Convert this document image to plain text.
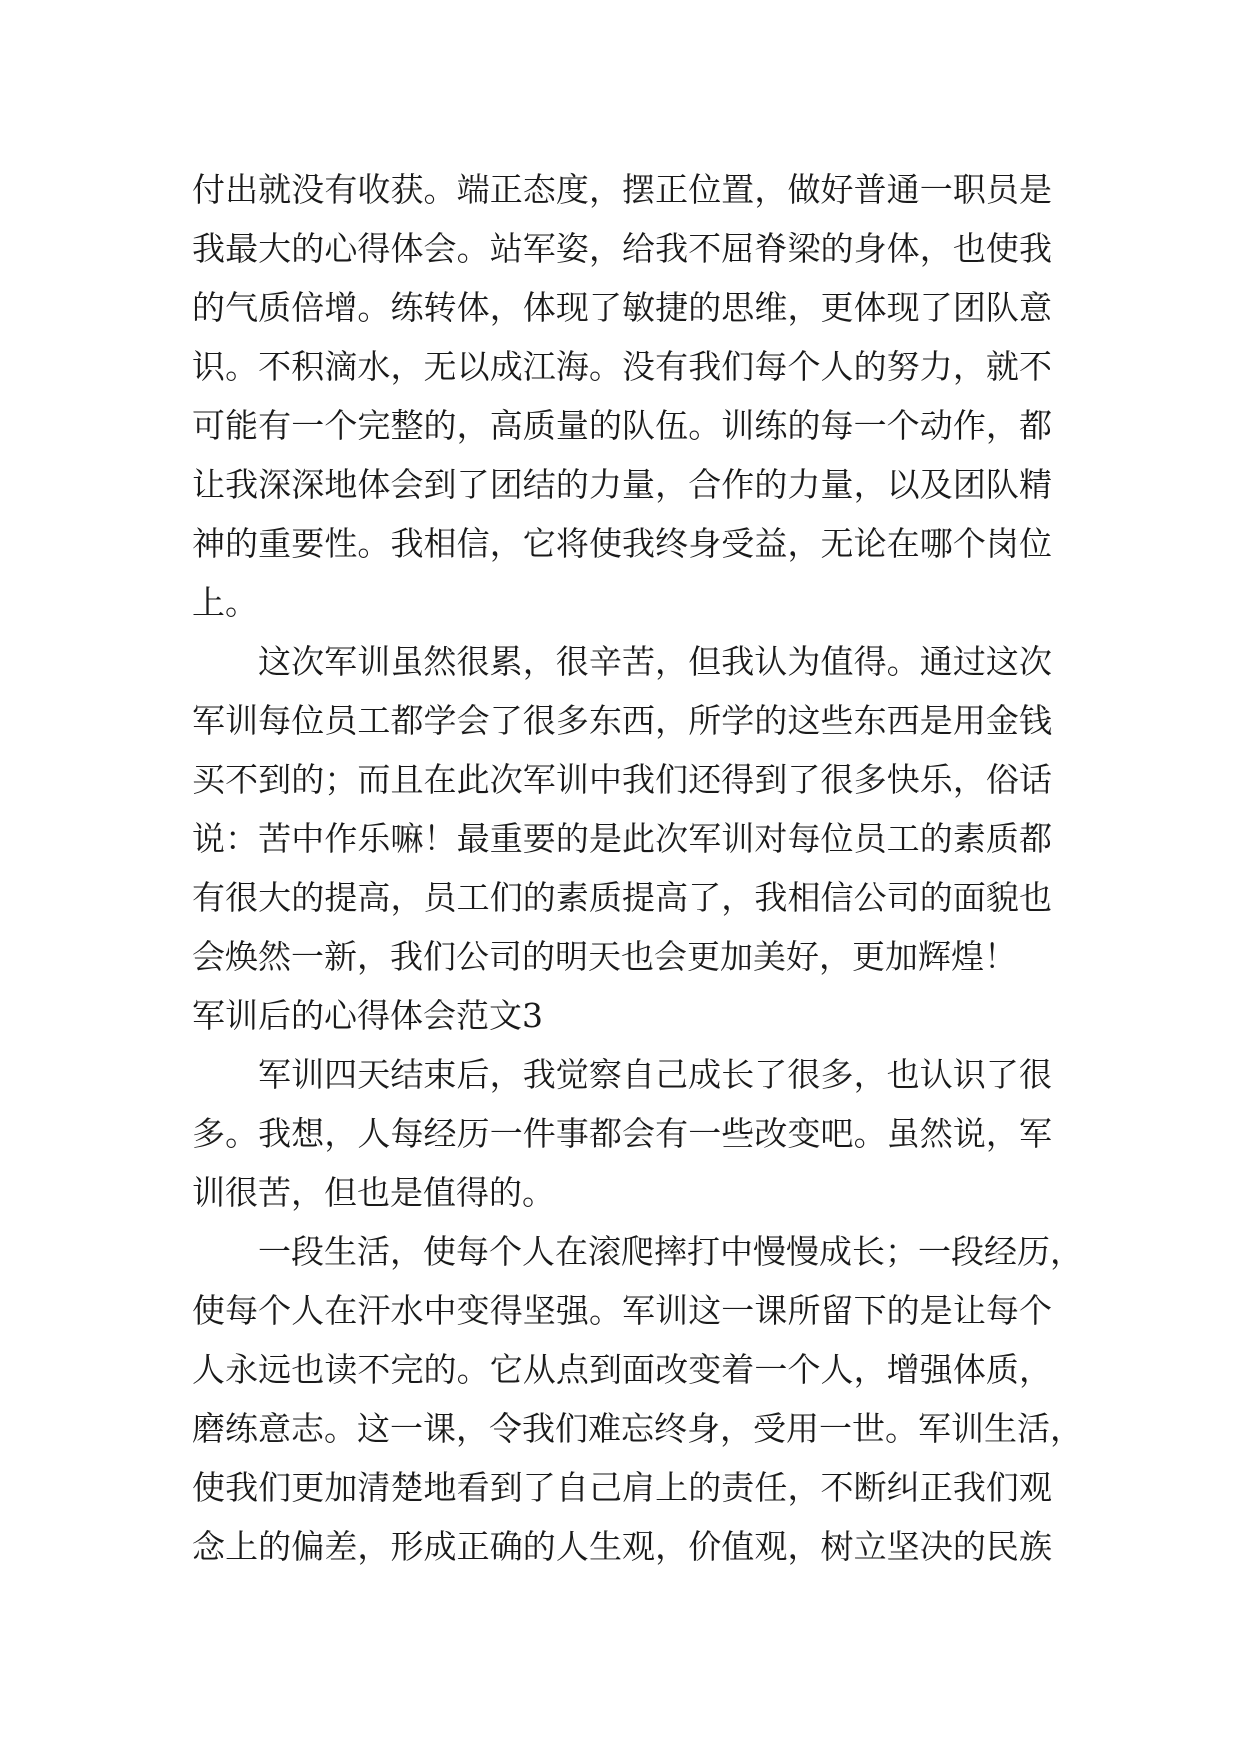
付出就没有收获。端正态度，摆正位置，做好普通一职员是
我最大的心得体会。站军姿，给我不屈脊梁的身体，也使我
的气质倍增。练转体，体现了敏捷的思维，更体现了团队意
识。不积滴水，无以成江海。没有我们每个人的努力，就不
可能有一个完整的，高质量的队伍。训练的每一个动作，都
让我深深地体会到了团结的力量，合作的力量，以及团队精
神的重要性。我相信，它将使我终身受益，无论在哪个岗位
上。
这次军训虽然很累，很辛苦，但我认为值得。通过这次
军训每位员工都学会了很多东西，所学的这些东西是用金钱
买不到的；而且在此次军训中我们还得到了很多快乐，俗话
说：苦中作乐嘛！最重要的是此次军训对每位员工的素质都
有很大的提高，员工们的素质提高了，我相信公司的面貌也
会焕然一新，我们公司的明天也会更加美好，更加辉煌！
军训后的心得体会范文3
军训四天结束后，我觉察自己成长了很多，也认识了很
多。我想，人每经历一件事都会有一些改变吧。虽然说，军
训很苦，但也是值得的。
一段生活，使每个人在滚爬摔打中慢慢成长；一段经历，
使每个人在汗水中变得坚强。军训这一课所留下的是让每个
人永远也读不完的。它从点到面改变着一个人，增强体质，
磨练意志。这一课，令我们难忘终身，受用一世。军训生活，
使我们更加清楚地看到了自己肩上的责任，不断纠正我们观
念上的偏差，形成正确的人生观，价值观，树立坚决的民族
